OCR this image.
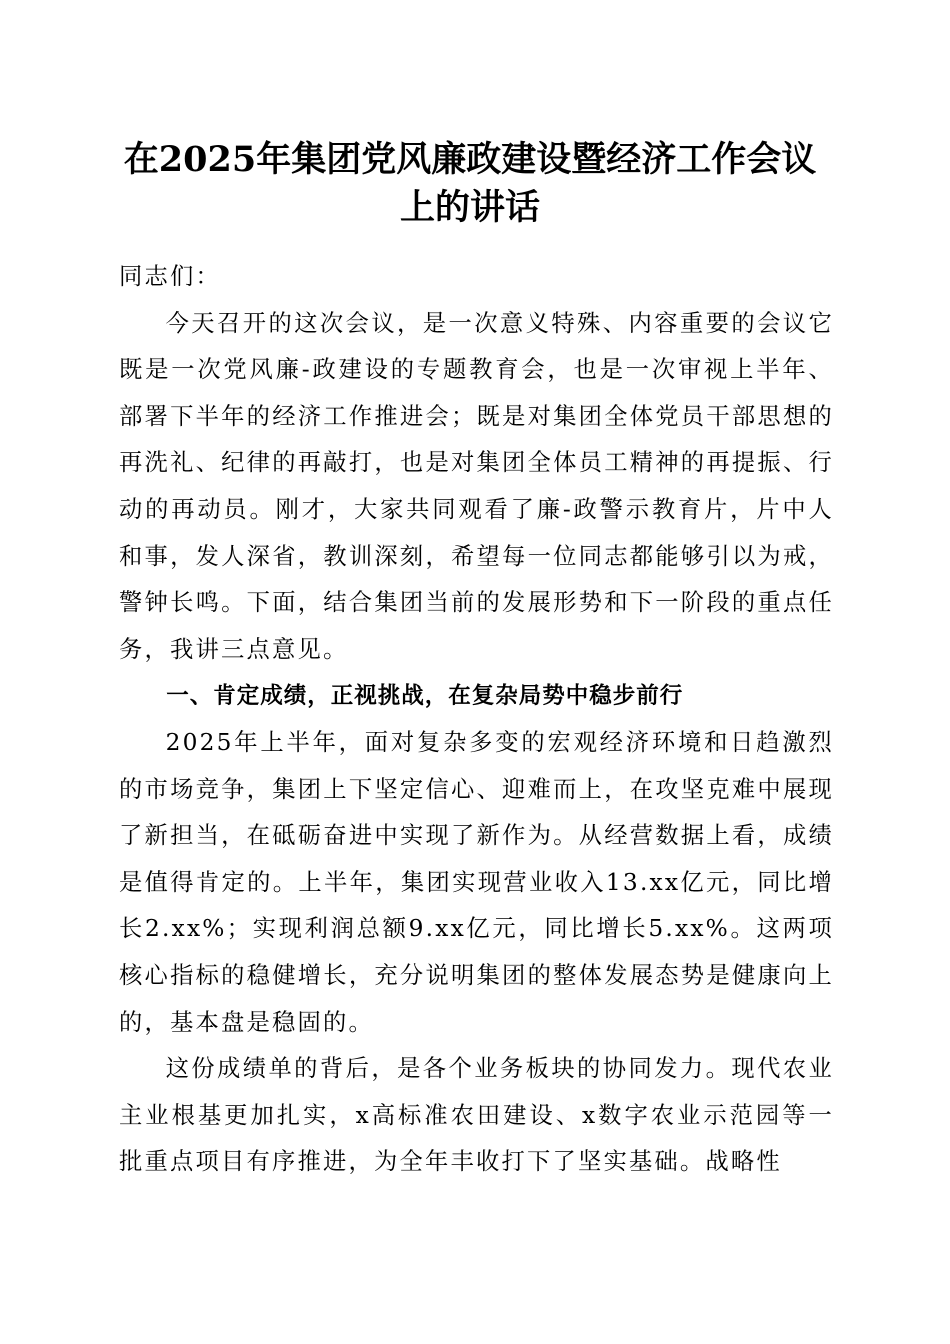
在2025年集团党风廉政建设暨经济工作会议
上的讲话

同志们：

今天召开的这次会议，是一次意义特殊、内容重要的会议它既是一次党风廉-政建设的专题教育会，也是一次审视上半年、部署下半年的经济工作推进会；既是对集团全体党员干部思想的再洗礼、纪律的再敲打，也是对集团全体员工精神的再提振、行动的再动员。刚才，大家共同观看了廉-政警示教育片，片中人和事，发人深省，教训深刻，希望每一位同志都能够引以为戒，警钟长鸣。下面，结合集团当前的发展形势和下一阶段的重点任务，我讲三点意见。

一、肯定成绩，正视挑战，在复杂局势中稳步前行

2025年上半年，面对复杂多变的宏观经济环境和日趋激烈的市场竞争，集团上下坚定信心、迎难而上，在攻坚克难中展现了新担当，在砥砺奋进中实现了新作为。从经营数据上看，成绩是值得肯定的。上半年，集团实现营业收入13.xx亿元，同比增长2.xx%；实现利润总额9.xx亿元，同比增长5.xx%。这两项核心指标的稳健增长，充分说明集团的整体发展态势是健康向上的，基本盘是稳固的。

这份成绩单的背后，是各个业务板块的协同发力。现代农业主业根基更加扎实，x高标准农田建设、x数字农业示范园等一批重点项目有序推进，为全年丰收打下了坚实基础。战略性
